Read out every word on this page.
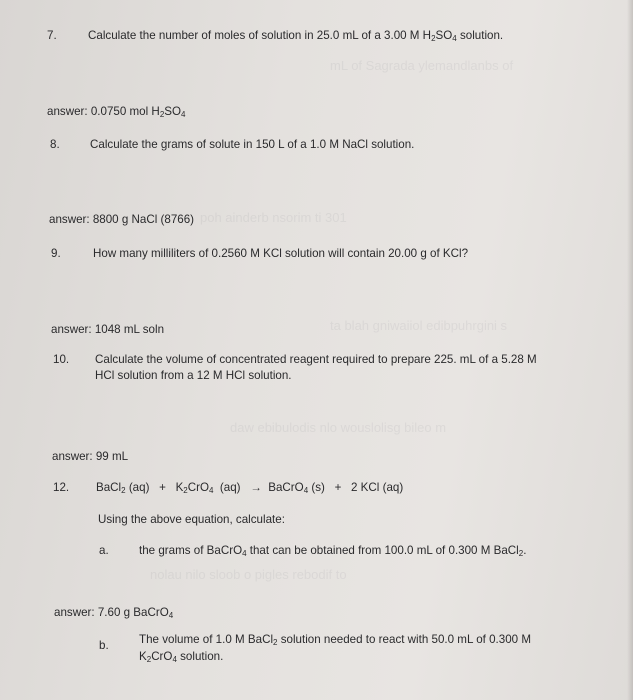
mL of Sagrada ylemandlanbs of
poh ainderb nsorim ti 301
ta blah gniwaiiol edibpuhrgini s
daw ebibulodis nlo wouslolisg bileo m
nolau nilo sloob o pigles rebodif to
7.	Calculate the number of moles of solution in 25.0 mL of a 3.00 M $H_2SO_4$ solution.
answer: 0.0750 mol $H_2SO_4$
8.	Calculate the grams of solute in 150 L of a 1.0 M NaCl solution.
answer: 8800 g NaCl (8766)
9.	How many milliliters of 0.2560 M KCl solution will contain 20.00 g of KCl?
answer: 1048 mL soln
10. Calculate the volume of concentrated reagent required to prepare 225. mL of a 5.28 M
HCl solution from a 12 M HCl solution.
answer: 99 mL
12. BaCl$_2$ $(aq) + K_2CrO_4$  (aq) → BaCrO$_4$ (s) + 2 KCl (aq)
Using the above equation, calculate:
a.	the grams of BaCrO$_4$ that can be obtained from 100.0 mL of 0.300 M BaCl$_2$.
answer: 7.60 g BaCrO$_4$
b.	The volume of 1.0 M BaCl$_2$ solution needed to react with 50.0 mL of 0.300 M
$K_2CrO_4$ solution.
